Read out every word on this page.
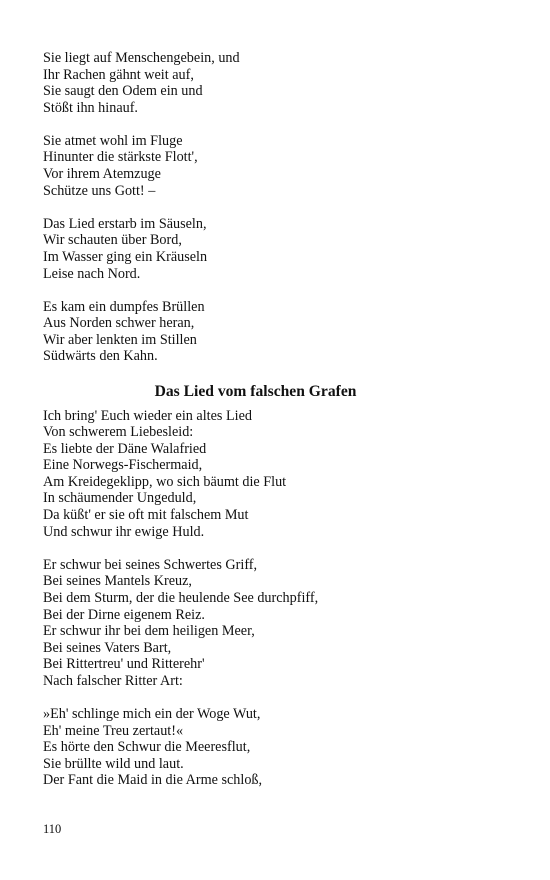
Sie liegt auf Menschengebein, und
Ihr Rachen gähnt weit auf,
Sie saugt den Odem ein und
Stößt ihn hinauf.
Sie atmet wohl im Fluge
Hinunter die stärkste Flott',
Vor ihrem Atemzuge
Schütze uns Gott! –
Das Lied erstarb im Säuseln,
Wir schauten über Bord,
Im Wasser ging ein Kräuseln
Leise nach Nord.
Es kam ein dumpfes Brüllen
Aus Norden schwer heran,
Wir aber lenkten im Stillen
Südwärts den Kahn.
Das Lied vom falschen Grafen
Ich bring' Euch wieder ein altes Lied
Von schwerem Liebesleid:
Es liebte der Däne Walafried
Eine Norwegs-Fischermaid,
Am Kreidegeklipp, wo sich bäumt die Flut
In schäumender Ungeduld,
Da küßt' er sie oft mit falschem Mut
Und schwur ihr ewige Huld.
Er schwur bei seines Schwertes Griff,
Bei seines Mantels Kreuz,
Bei dem Sturm, der die heulende See durchpfiff,
Bei der Dirne eigenem Reiz.
Er schwur ihr bei dem heiligen Meer,
Bei seines Vaters Bart,
Bei Rittertreu' und Ritterehr'
Nach falscher Ritter Art:
»Eh' schlinge mich ein der Woge Wut,
Eh' meine Treu zertaut!«
Es hörte den Schwur die Meeresflut,
Sie brüllte wild und laut.
Der Fant die Maid in die Arme schloß,
110
